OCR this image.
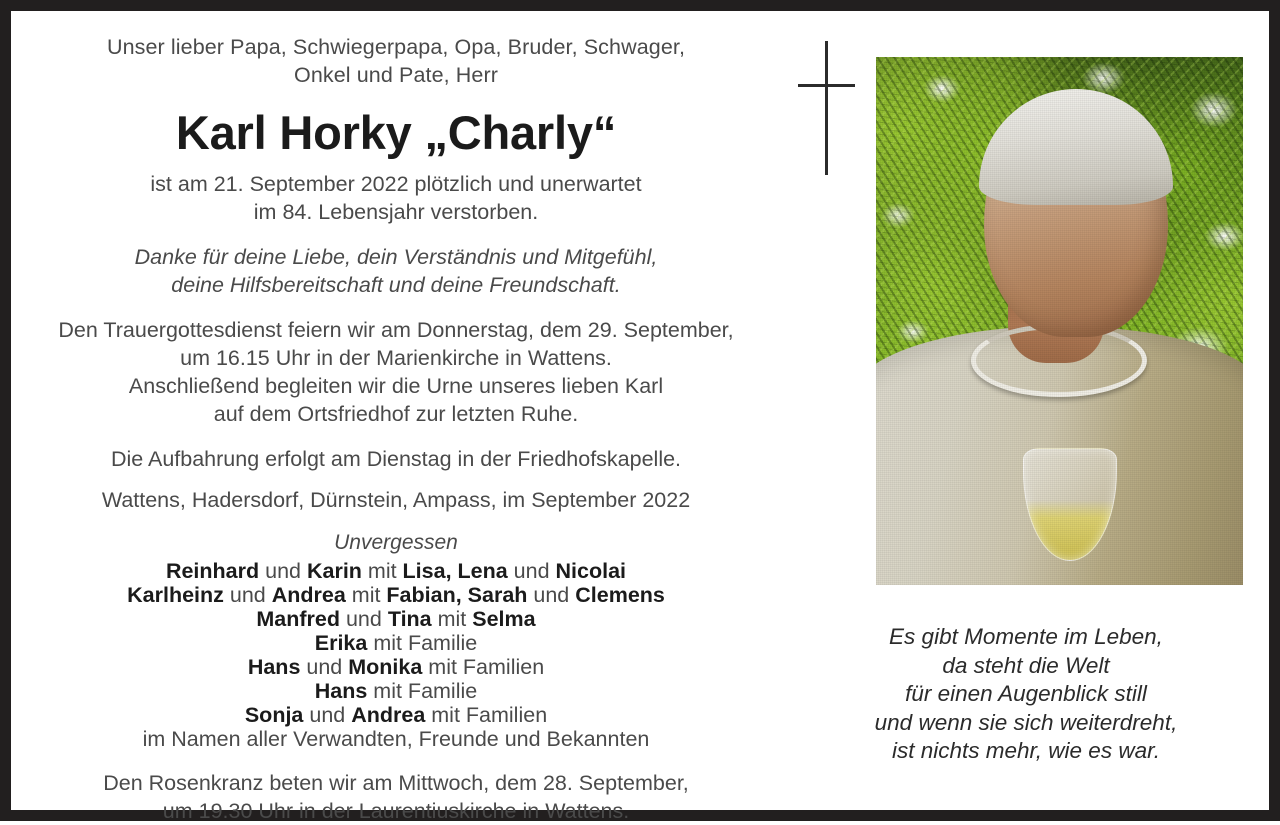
Unser lieber Papa, Schwiegerpapa, Opa, Bruder, Schwager,
Onkel und Pate, Herr
Karl Horky „Charly“
ist am 21. September 2022 plötzlich und unerwartet
im 84. Lebensjahr verstorben.
Danke für deine Liebe, dein Verständnis und Mitgefühl,
deine Hilfsbereitschaft und deine Freundschaft.
Den Trauergottesdienst feiern wir am Donnerstag, dem 29. September,
um 16.15 Uhr in der Marienkirche in Wattens.
Anschließend begleiten wir die Urne unseres lieben Karl
auf dem Ortsfriedhof zur letzten Ruhe.
Die Aufbahrung erfolgt am Dienstag in der Friedhofskapelle.
Wattens, Hadersdorf, Dürnstein, Ampass, im September 2022
Unvergessen
Reinhard und Karin mit Lisa, Lena und Nicolai
Karlheinz und Andrea mit Fabian, Sarah und Clemens
Manfred und Tina mit Selma
Erika mit Familie
Hans und Monika mit Familien
Hans mit Familie
Sonja und Andrea mit Familien
im Namen aller Verwandten, Freunde und Bekannten
Den Rosenkranz beten wir am Mittwoch, dem 28. September,
um 19.30 Uhr in der Laurentiuskirche in Wattens.
Es gibt Momente im Leben,
da steht die Welt
für einen Augenblick still
und wenn sie sich weiterdreht,
ist nichts mehr, wie es war.
